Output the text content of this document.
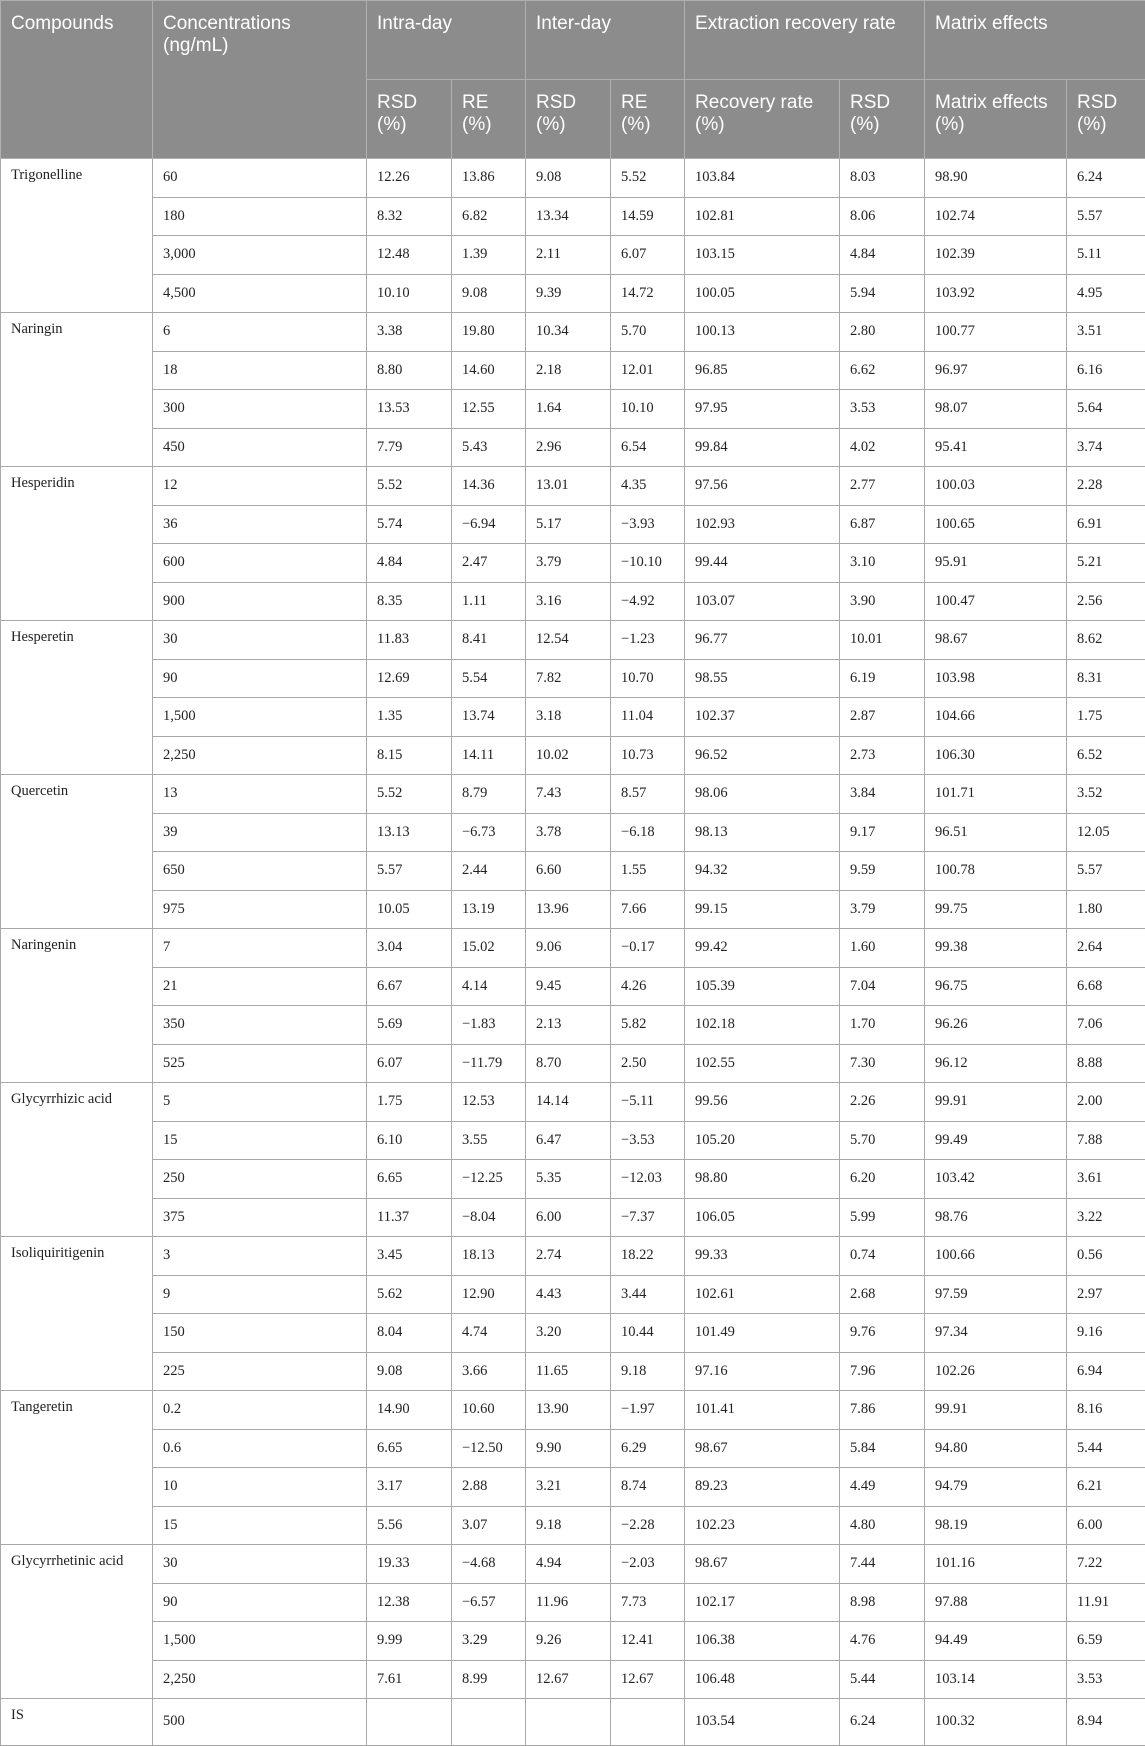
Compounds	Concentrations (ng/mL)	Intra-day		Inter-day		Extraction recovery rate		Matrix effects	
		RSD (%)	RE (%)	RSD (%)	RE (%)	Recovery rate (%)	RSD (%)	Matrix effects (%)	RSD (%)
Trigonelline	60	12.26	13.86	9.08	5.52	103.84	8.03	98.90	6.24
	180	8.32	6.82	13.34	14.59	102.81	8.06	102.74	5.57
	3,000	12.48	1.39	2.11	6.07	103.15	4.84	102.39	5.11
	4,500	10.10	9.08	9.39	14.72	100.05	5.94	103.92	4.95
Naringin	6	3.38	19.80	10.34	5.70	100.13	2.80	100.77	3.51
	18	8.80	14.60	2.18	12.01	96.85	6.62	96.97	6.16
	300	13.53	12.55	1.64	10.10	97.95	3.53	98.07	5.64
	450	7.79	5.43	2.96	6.54	99.84	4.02	95.41	3.74
Hesperidin	12	5.52	14.36	13.01	4.35	97.56	2.77	100.03	2.28
	36	5.74	−6.94	5.17	−3.93	102.93	6.87	100.65	6.91
	600	4.84	2.47	3.79	−10.10	99.44	3.10	95.91	5.21
	900	8.35	1.11	3.16	−4.92	103.07	3.90	100.47	2.56
Hesperetin	30	11.83	8.41	12.54	−1.23	96.77	10.01	98.67	8.62
	90	12.69	5.54	7.82	10.70	98.55	6.19	103.98	8.31
	1,500	1.35	13.74	3.18	11.04	102.37	2.87	104.66	1.75
	2,250	8.15	14.11	10.02	10.73	96.52	2.73	106.30	6.52
Quercetin	13	5.52	8.79	7.43	8.57	98.06	3.84	101.71	3.52
	39	13.13	−6.73	3.78	−6.18	98.13	9.17	96.51	12.05
	650	5.57	2.44	6.60	1.55	94.32	9.59	100.78	5.57
	975	10.05	13.19	13.96	7.66	99.15	3.79	99.75	1.80
Naringenin	7	3.04	15.02	9.06	−0.17	99.42	1.60	99.38	2.64
	21	6.67	4.14	9.45	4.26	105.39	7.04	96.75	6.68
	350	5.69	−1.83	2.13	5.82	102.18	1.70	96.26	7.06
	525	6.07	−11.79	8.70	2.50	102.55	7.30	96.12	8.88
Glycyrrhizic acid	5	1.75	12.53	14.14	−5.11	99.56	2.26	99.91	2.00
	15	6.10	3.55	6.47	−3.53	105.20	5.70	99.49	7.88
	250	6.65	−12.25	5.35	−12.03	98.80	6.20	103.42	3.61
	375	11.37	−8.04	6.00	−7.37	106.05	5.99	98.76	3.22
Isoliquiritigenin	3	3.45	18.13	2.74	18.22	99.33	0.74	100.66	0.56
	9	5.62	12.90	4.43	3.44	102.61	2.68	97.59	2.97
	150	8.04	4.74	3.20	10.44	101.49	9.76	97.34	9.16
	225	9.08	3.66	11.65	9.18	97.16	7.96	102.26	6.94
Tangeretin	0.2	14.90	10.60	13.90	−1.97	101.41	7.86	99.91	8.16
	0.6	6.65	−12.50	9.90	6.29	98.67	5.84	94.80	5.44
	10	3.17	2.88	3.21	8.74	89.23	4.49	94.79	6.21
	15	5.56	3.07	9.18	−2.28	102.23	4.80	98.19	6.00
Glycyrrhetinic acid	30	19.33	−4.68	4.94	−2.03	98.67	7.44	101.16	7.22
	90	12.38	−6.57	11.96	7.73	102.17	8.98	97.88	11.91
	1,500	9.99	3.29	9.26	12.41	106.38	4.76	94.49	6.59
	2,250	7.61	8.99	12.67	12.67	106.48	5.44	103.14	3.53
IS	500					103.54	6.24	100.32	8.94
